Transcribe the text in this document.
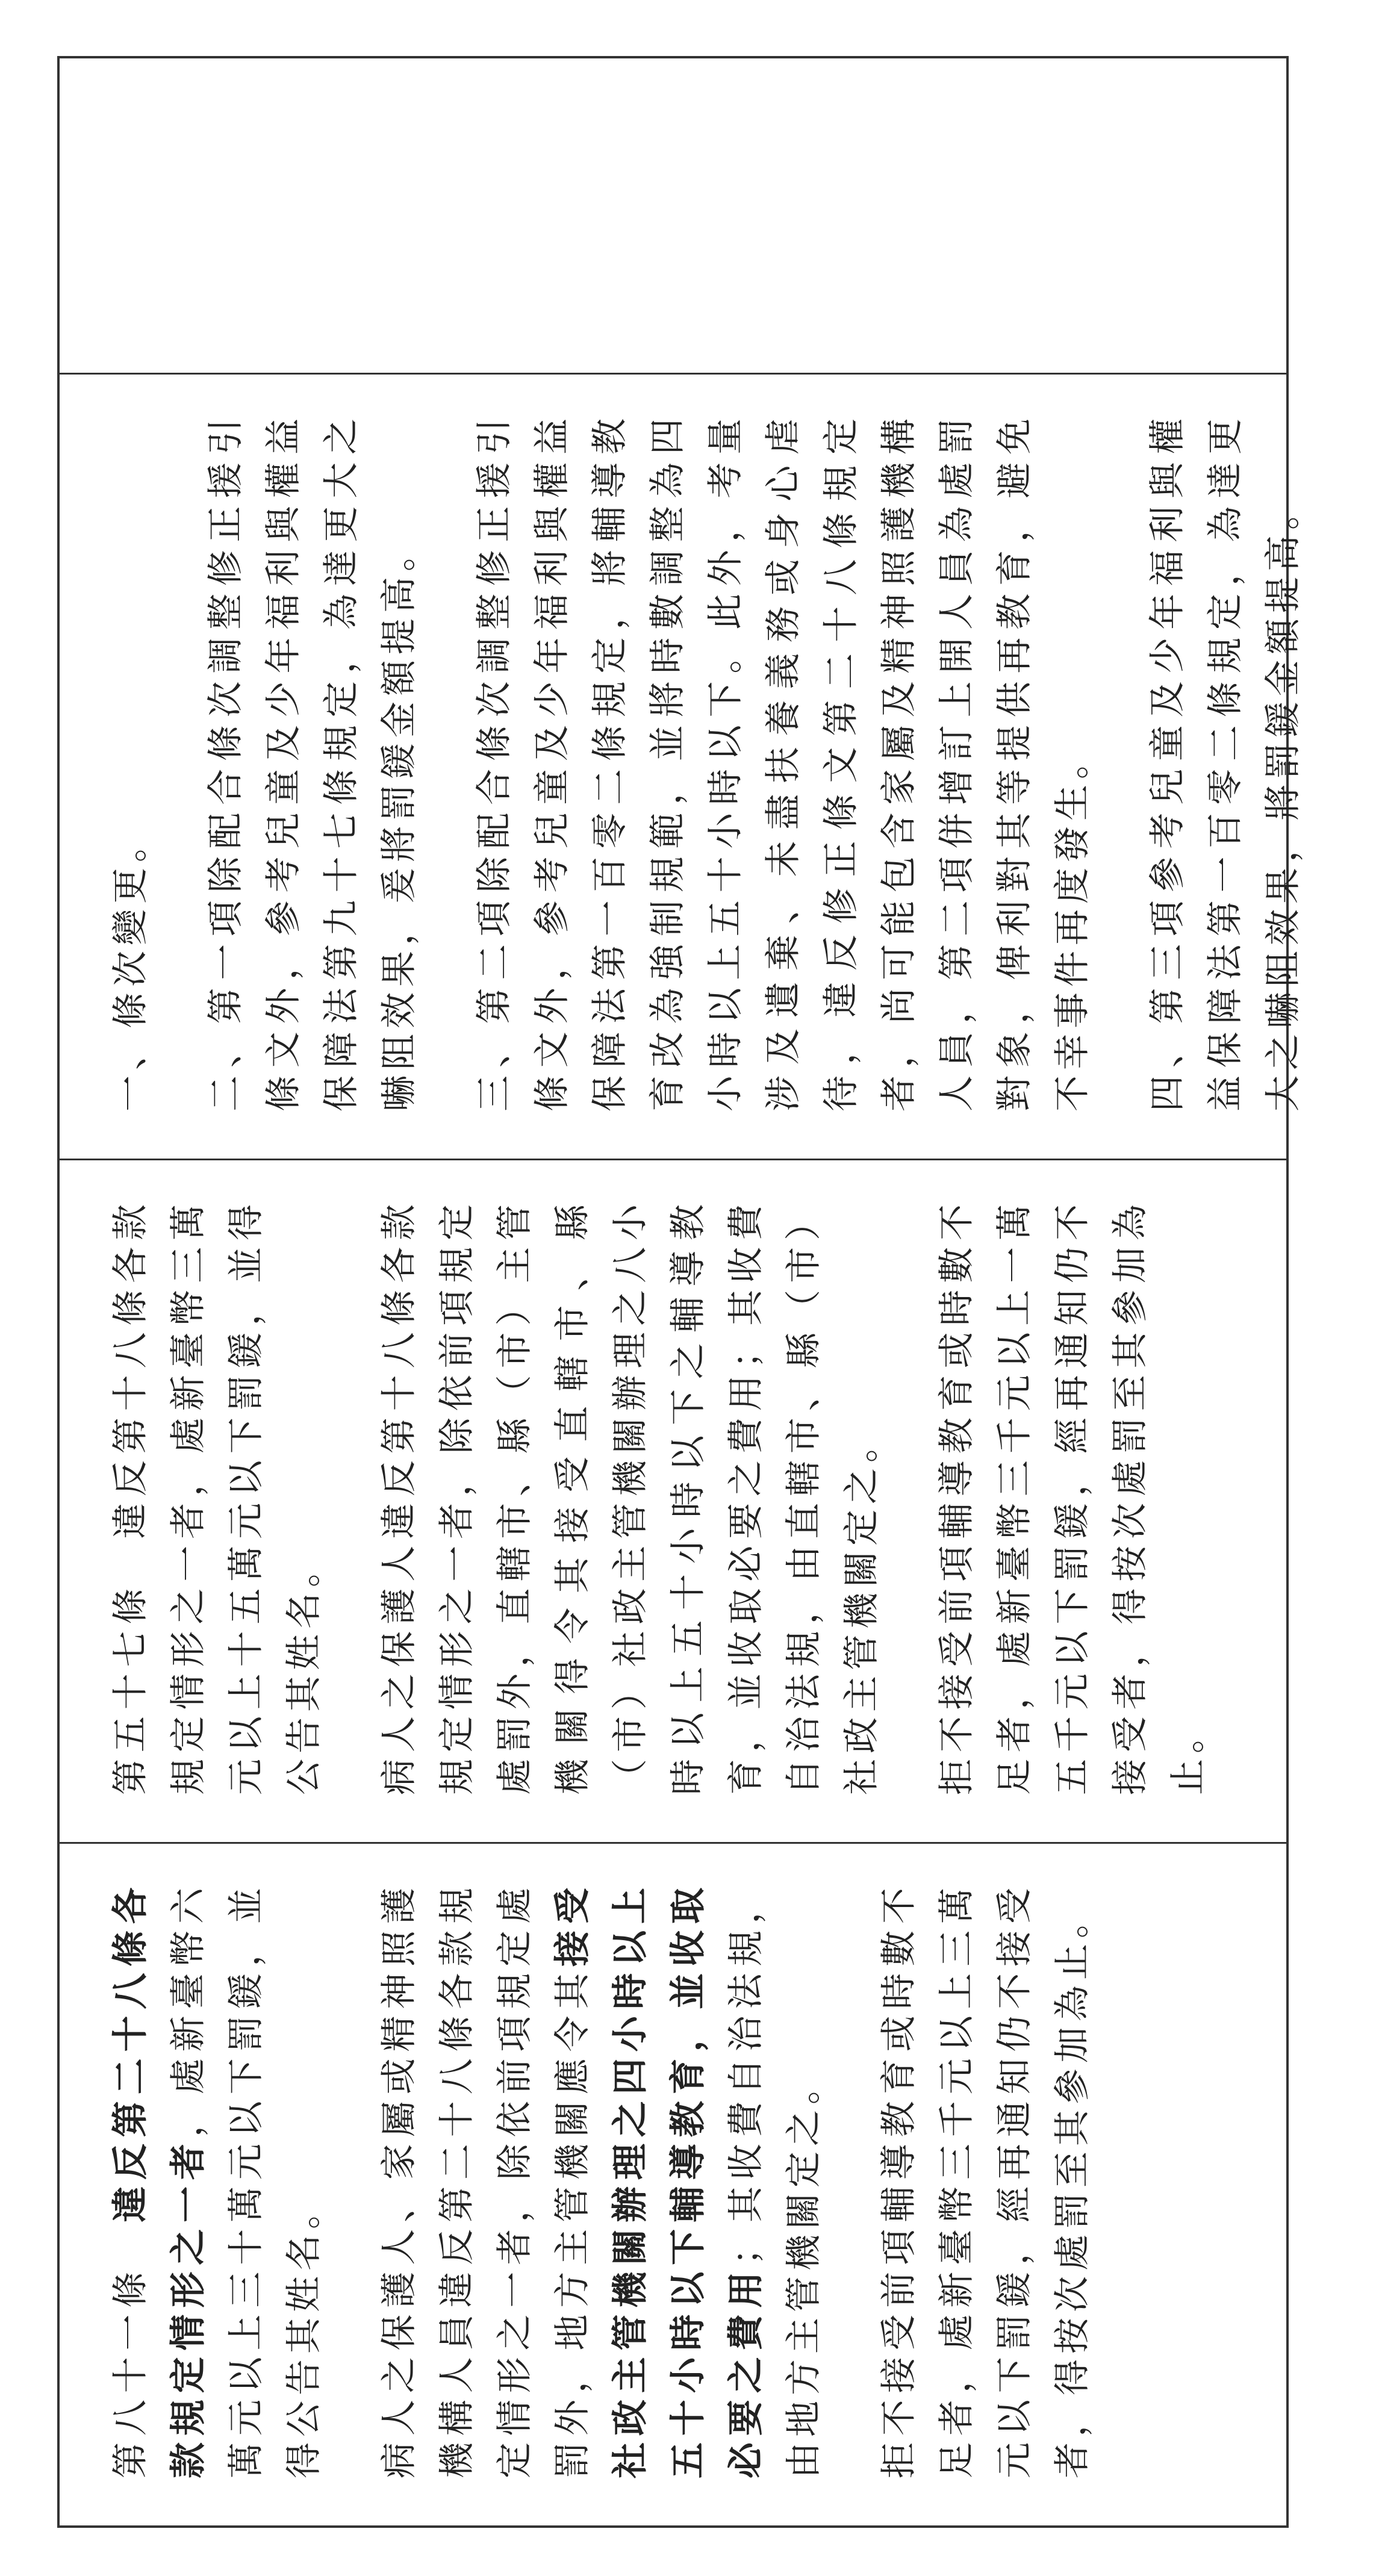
第八十一條　違反第二十八條各款規定情形之一者，處新臺幣六萬元以上三十萬元以下罰鍰，並得公告其姓名。 病人之保護人、家屬或精神照護機構人員違反第二十八條各款規定情形之一者，除依前項規定處罰外，地方主管機關應令其接受社政主管機關辦理之四小時以上五十小時以下輔導教育，並收取必要之費用；其收費自治法規，由地方主管機關定之。 拒不接受前項輔導教育或時數不足者，處新臺幣三千元以上三萬元以下罰鍰，經再通知仍不接受者，得按次處罰至其參加為止。

第五十七條　違反第十八條各款規定情形之一者，處新臺幣三萬元以上十五萬元以下罰鍰，並得公告其姓名。 病人之保護人違反第十八條各款規定情形之一者，除依前項規定處罰外，直轄市、縣（市）主管機關得令其接受直轄市、縣（市）社政主管機關辦理之八小時以上五十小時以下之輔導教育，並收取必要之費用；其收費自治法規，由直轄市、縣（市）社政主管機關定之。 拒不接受前項輔導教育或時數不足者，處新臺幣三千元以上一萬五千元以下罰鍰，經再通知仍不接受者，得按次處罰至其參加為止。

一、條次變更。 二、第一項除配合條次調整修正援引條文外，參考兒童及少年福利與權益保障法第九十七條規定，為達更大之嚇阻效果，爰將罰鍰金額提高。 三、第二項除配合條次調整修正援引條文外，參考兒童及少年福利與權益保障法第一百零二條規定，將輔導教育改為強制規範，並將時數調整為四小時以上五十小時以下。此外，考量涉及遺棄、未盡扶養義務或身心虐待，違反修正條文第二十八條規定者，尚可能包含家屬及精神照護機構人員，第二項併增訂上開人員為處罰對象，俾利對其等提供再教育，避免不幸事件再度發生。 四、第三項參考兒童及少年福利與權益保障法第一百零二條規定，為達更大之嚇阻效果，將罰鍰金額提高。
